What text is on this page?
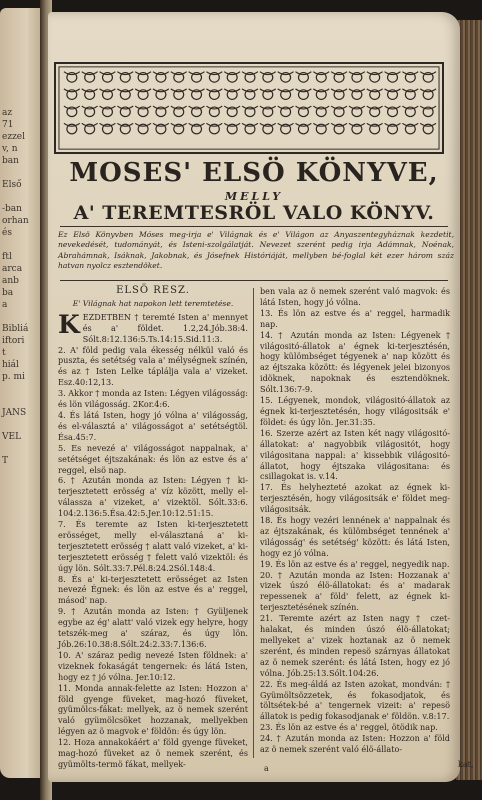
az
71
ezzel
v, n
ban
Első
-ban
orhan
és
ftl
arca
anb
ba
a
Bibliá
iftori
t
hiál
p. mi
JANS
VEL
T
MOSES' ELSÖ KÖNYVE,
MELLY
A' TEREMTESRÖL VALO KÖNYV.
Ez Elsö Könyvben Móses meg-irja e' Világnak és e' Világon az Anyaszentegyháznak kezdetit, nevekedését, tudományát, és Isteni-szolgálatját. Nevezet szerént pedig irja Adámnak, Noénak, Abrahámnak, Isáknak, Jakobnak, és Jósefnek Históriáját, mellyben bé-foglal két ezer három száz hatvan nyolcz esztendöket.
ELSÖ RESZ.
E' Világnak hat napokon lett teremtetése.
K EZDETBEN † teremté Isten a' mennyet és a' földet. 1.2,24.Jób.38:4. Sólt.8:12.136:5.Ts.14:15.Sid.11:3.

2. A' föld pedig vala ékesség nélkül való és puszta, és setétség vala a' mélységnek színén, és az † Isten Lelke táplálja vala a' vizeket. Esz.40:12,13.

3. Akkor † monda az Isten: Légyen világosság: és lön világosság. 2Kor.4:6.

4. És látá Isten, hogy jó vólna a' világosság, és el-választá a' világosságot a' setétségtöl. Ésa.45:7.

5. Es nevezé a' világosságot nappalnak, a' setétséget éjtszakának: és lön az estve és a' reggel, elsö nap.

6. † Azután monda az Isten: Légyen † ki-terjesztetett erösség a' víz között, melly el-válassza a' vizeket, a' vizektöl. Sólt.33:6. 104:2.136:5.Ésa.42:5.Jer.10:12.51:15.

7. És teremte az Isten ki-terjesztetett erösséget, melly el-választaná a' ki-terjesztetett erösség † alatt való vizeket, a' ki-terjesztetett erösség † felett való vizektöl: és úgy lön. Sólt.33:7.Pél.8:24.2Sól.148:4.

8. És a' ki-terjesztetett erösséget az Isten nevezé Égnek: és lön az estve és a' reggel, másod' nap.

9. † Azután monda az Isten: † Gyüljenek egybe az ég' alatt' való vizek egy helyre, hogy tetszék-meg a' száraz, és úgy lön. Jób.26:10.38:8.Sólt.24:2.33:7.136:6.

10. A' száraz pedig nevezé Isten földnek: a' vizeknek fokaságát tengernek: és látá Isten, hogy ez † jó vólna. Jer.10:12.

11. Monda annak-felette az Isten: Hozzon a' föld gyenge füveket, mag-hozó füveket, gyümölcs-fákat: mellyek, az ö nemek szerént való gyümölcsöket hozzanak, mellyekben légyen az ö magvok e' földön: és úgy lön.

12. Hoza annakokáért a' föld gyenge füveket, mag-hozó füveket az ö nemek szerént, és gyümölts-termö fákat, mellyek-

ben vala az ö nemek szerént való magvok: és látá Isten, hogy jó vólna.

13. És lön az estve és a' reggel, harmadik nap.

14. † Azután monda az Isten: Légyenek † világositó-állatok a' égnek ki-terjesztésén, hogy külömbséget tégyenek a' nap között és az éjtszaka között: és légyenek jelei bizonyos idöknek, napoknak és esztendöknek. Sólt.136:7-9.

15. Légyenek, mondok, világositó-állatok az égnek ki-terjesztetésén, hogy világositsák e' földet: és úgy lön. Jer.31:35.

16. Szerze azért az Isten két nagy világositó-állatokat: a' nagyobbik világositót, hogy világositana nappal: a' kissebbik világositó-állatot, hogy éjtszaka világositana: és csillagokat is. v.14.

17. És helyhezteté azokat az égnek ki-terjesztésén, hogy világositsák e' földet meg-világositsák.

18. És hogy vezéri lennének a' nappalnak és az éjtszakának, és külömbséget tennének a' világosság' és setétség' között: és látá Isten, hogy ez jó vólna.

19. És lön az estve és a' reggel, negyedik nap.

20. † Azután monda az Isten: Hozzanak a' vizek úszó élö-állatokat: és a' madarak repessenek a' föld' felett, az égnek ki-terjesztetésének színén.

21. Teremte azért az Isten nagy † czet-halakat, és minden úszó élö-állatokat; mellyeket a' vizek hoztanak az ö nemek szerént, és minden repesö szárnyas állatokat az ö nemek szerént: és látá Isten, hogy ez jó vólna. Jób.25:13.Sólt.104:26.

22. És meg-áldá az Isten azokat, mondván: † Gyümöltsözzetek, és fokasodjatok, és töltsétek-bé a' tengernek vizeit: a' repesö állatok is pedig fokasodjanak e' földön. v.8:17.

23. És lön az estve és a' reggel, ötödik nap.

24. † Azután monda az Isten: Hozzon a' föld az ö nemek szerént való élö-állato-

a	kat,
